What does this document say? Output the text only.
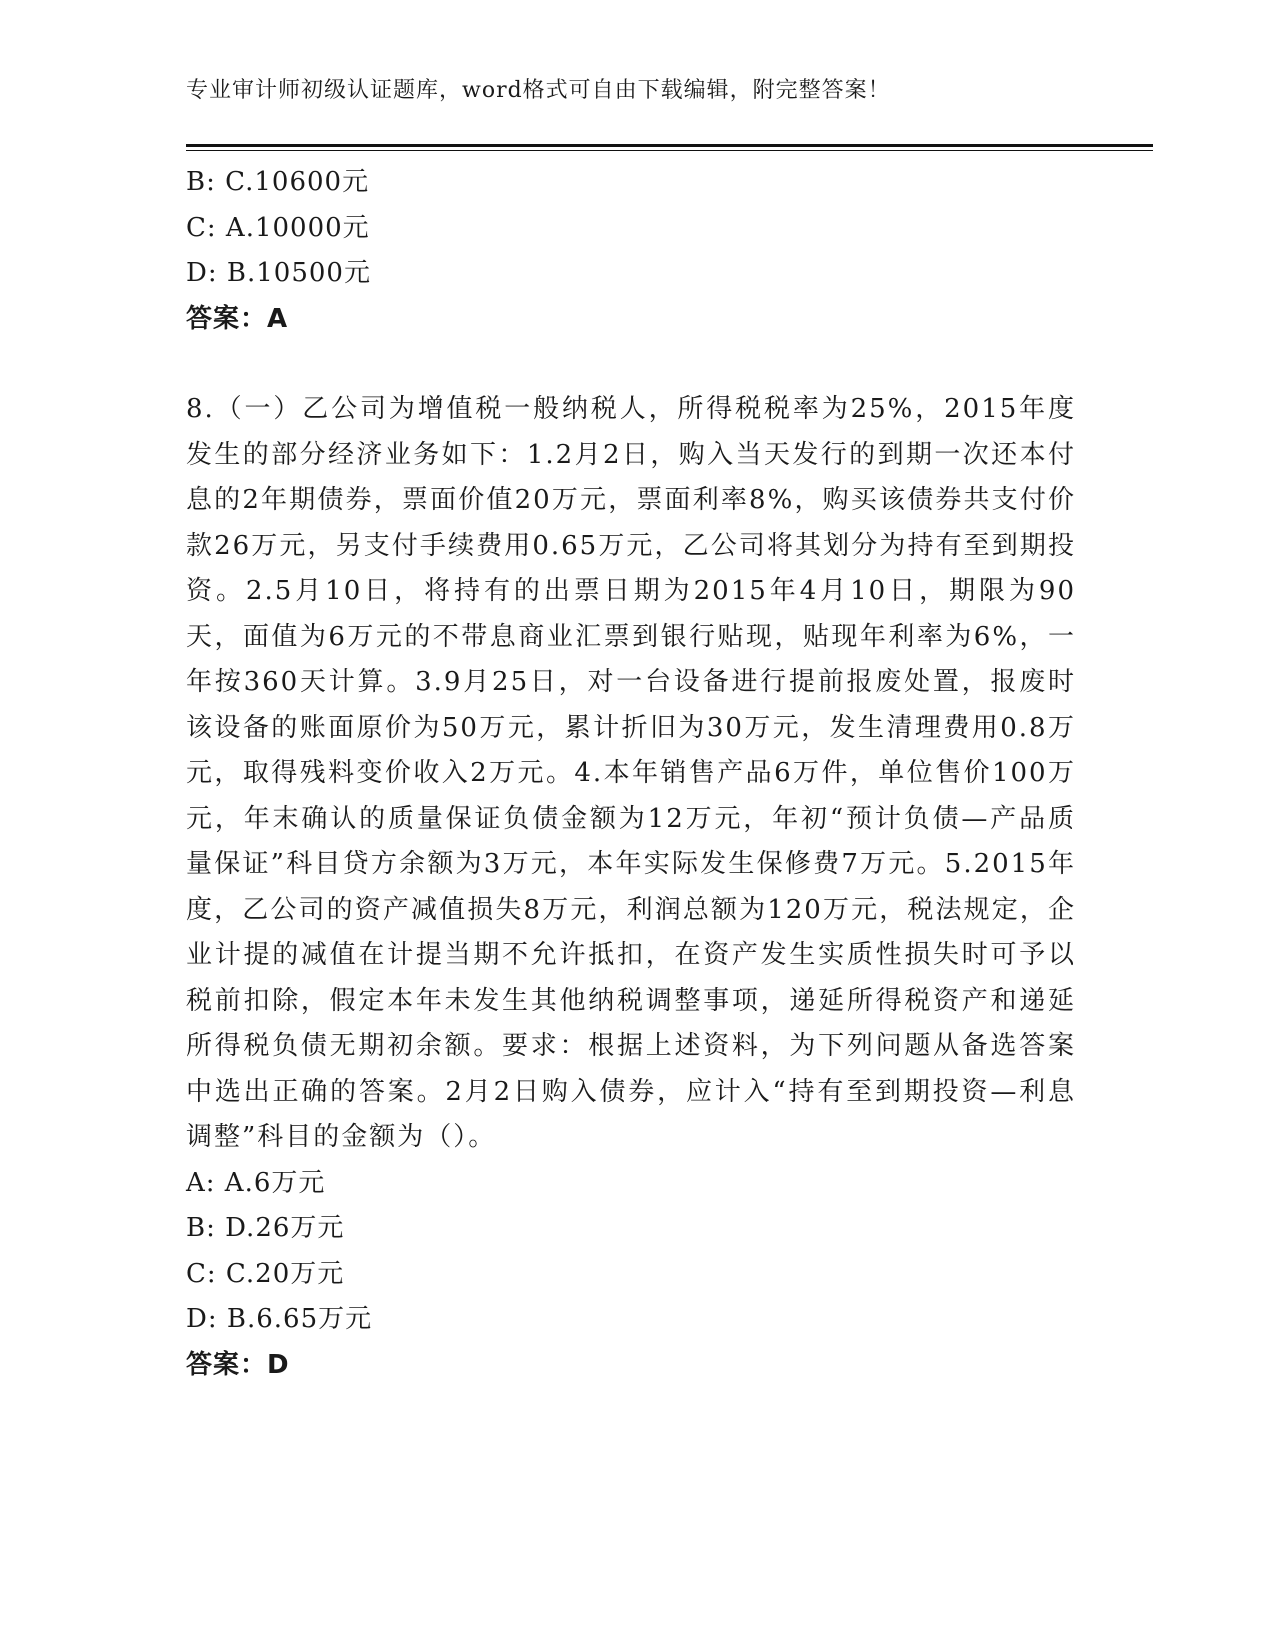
专业审计师初级认证题库，word格式可自由下载编辑，附完整答案！
B: C.10600元
C: A.10000元
D: B.10500元
答案：A
8.（一）乙公司为增值税一般纳税人，所得税税率为25%，2015年度发生的部分经济业务如下：1.2月2日，购入当天发行的到期一次还本付息的2年期债券，票面价值20万元，票面利率8%，购买该债券共支付价款26万元，另支付手续费用0.65万元，乙公司将其划分为持有至到期投资。2.5月10日，将持有的出票日期为2015年4月10日，期限为90天，面值为6万元的不带息商业汇票到银行贴现，贴现年利率为6%，一年按360天计算。3.9月25日，对一台设备进行提前报废处置，报废时该设备的账面原价为50万元，累计折旧为30万元，发生清理费用0.8万元，取得残料变价收入2万元。4.本年销售产品6万件，单位售价100万元，年末确认的质量保证负债金额为12万元，年初“预计负债—产品质量保证”科目贷方余额为3万元，本年实际发生保修费7万元。5.2015年度，乙公司的资产减值损失8万元，利润总额为120万元，税法规定，企业计提的减值在计提当期不允许抵扣，在资产发生实质性损失时可予以税前扣除，假定本年未发生其他纳税调整事项，递延所得税资产和递延所得税负债无期初余额。要求：根据上述资料，为下列问题从备选答案中选出正确的答案。2月2日购入债券，应计入“持有至到期投资—利息调整”科目的金额为（）。
A: A.6万元
B: D.26万元
C: C.20万元
D: B.6.65万元
答案：D
